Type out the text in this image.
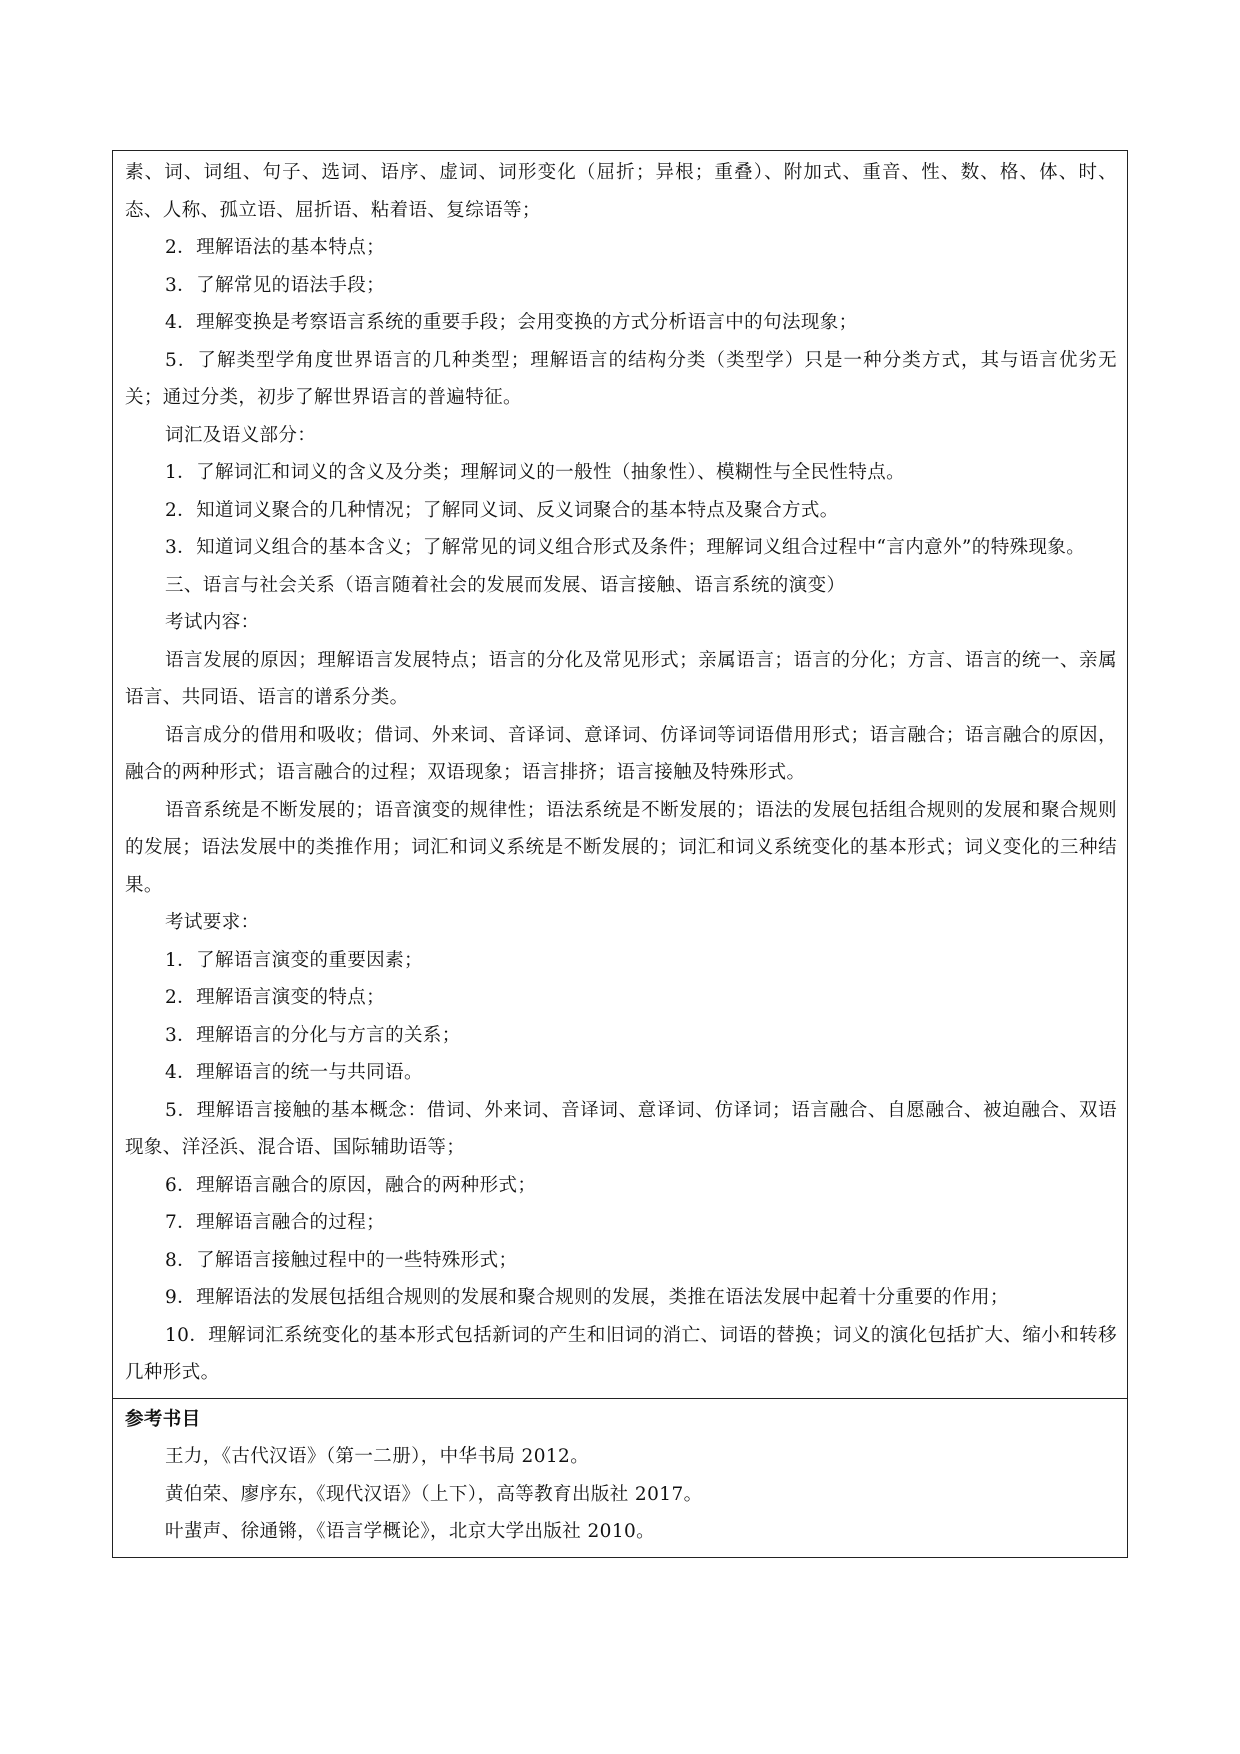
素、词、词组、句子、选词、语序、虚词、词形变化（屈折；异根；重叠）、附加式、重音、性、数、格、体、时、态、人称、孤立语、屈折语、粘着语、复综语等；

2．理解语法的基本特点；

3．了解常见的语法手段；

4．理解变换是考察语言系统的重要手段；会用变换的方式分析语言中的句法现象；

5．了解类型学角度世界语言的几种类型；理解语言的结构分类（类型学）只是一种分类方式，其与语言优劣无关；通过分类，初步了解世界语言的普遍特征。

词汇及语义部分：

1．了解词汇和词义的含义及分类；理解词义的一般性（抽象性）、模糊性与全民性特点。

2．知道词义聚合的几种情况；了解同义词、反义词聚合的基本特点及聚合方式。

3．知道词义组合的基本含义；了解常见的词义组合形式及条件；理解词义组合过程中“言内意外”的特殊现象。

三、语言与社会关系（语言随着社会的发展而发展、语言接触、语言系统的演变）

考试内容：

语言发展的原因；理解语言发展特点；语言的分化及常见形式；亲属语言；语言的分化；方言、语言的统一、亲属语言、共同语、语言的谱系分类。

语言成分的借用和吸收；借词、外来词、音译词、意译词、仿译词等词语借用形式；语言融合；语言融合的原因，融合的两种形式；语言融合的过程；双语现象；语言排挤；语言接触及特殊形式。

语音系统是不断发展的；语音演变的规律性；语法系统是不断发展的；语法的发展包括组合规则的发展和聚合规则的发展；语法发展中的类推作用；词汇和词义系统是不断发展的；词汇和词义系统变化的基本形式；词义变化的三种结果。

考试要求：

1．了解语言演变的重要因素；

2．理解语言演变的特点；

3．理解语言的分化与方言的关系；

4．理解语言的统一与共同语。

5．理解语言接触的基本概念：借词、外来词、音译词、意译词、仿译词；语言融合、自愿融合、被迫融合、双语现象、洋泾浜、混合语、国际辅助语等；

6．理解语言融合的原因，融合的两种形式；

7．理解语言融合的过程；

8．了解语言接触过程中的一些特殊形式；

9．理解语法的发展包括组合规则的发展和聚合规则的发展，类推在语法发展中起着十分重要的作用；

10．理解词汇系统变化的基本形式包括新词的产生和旧词的消亡、词语的替换；词义的演化包括扩大、缩小和转移几种形式。

参考书目

王力，《古代汉语》（第一二册），中华书局 2012。

黄伯荣、廖序东，《现代汉语》（上下），高等教育出版社 2017。

叶蜚声、徐通锵，《语言学概论》，北京大学出版社 2010。
